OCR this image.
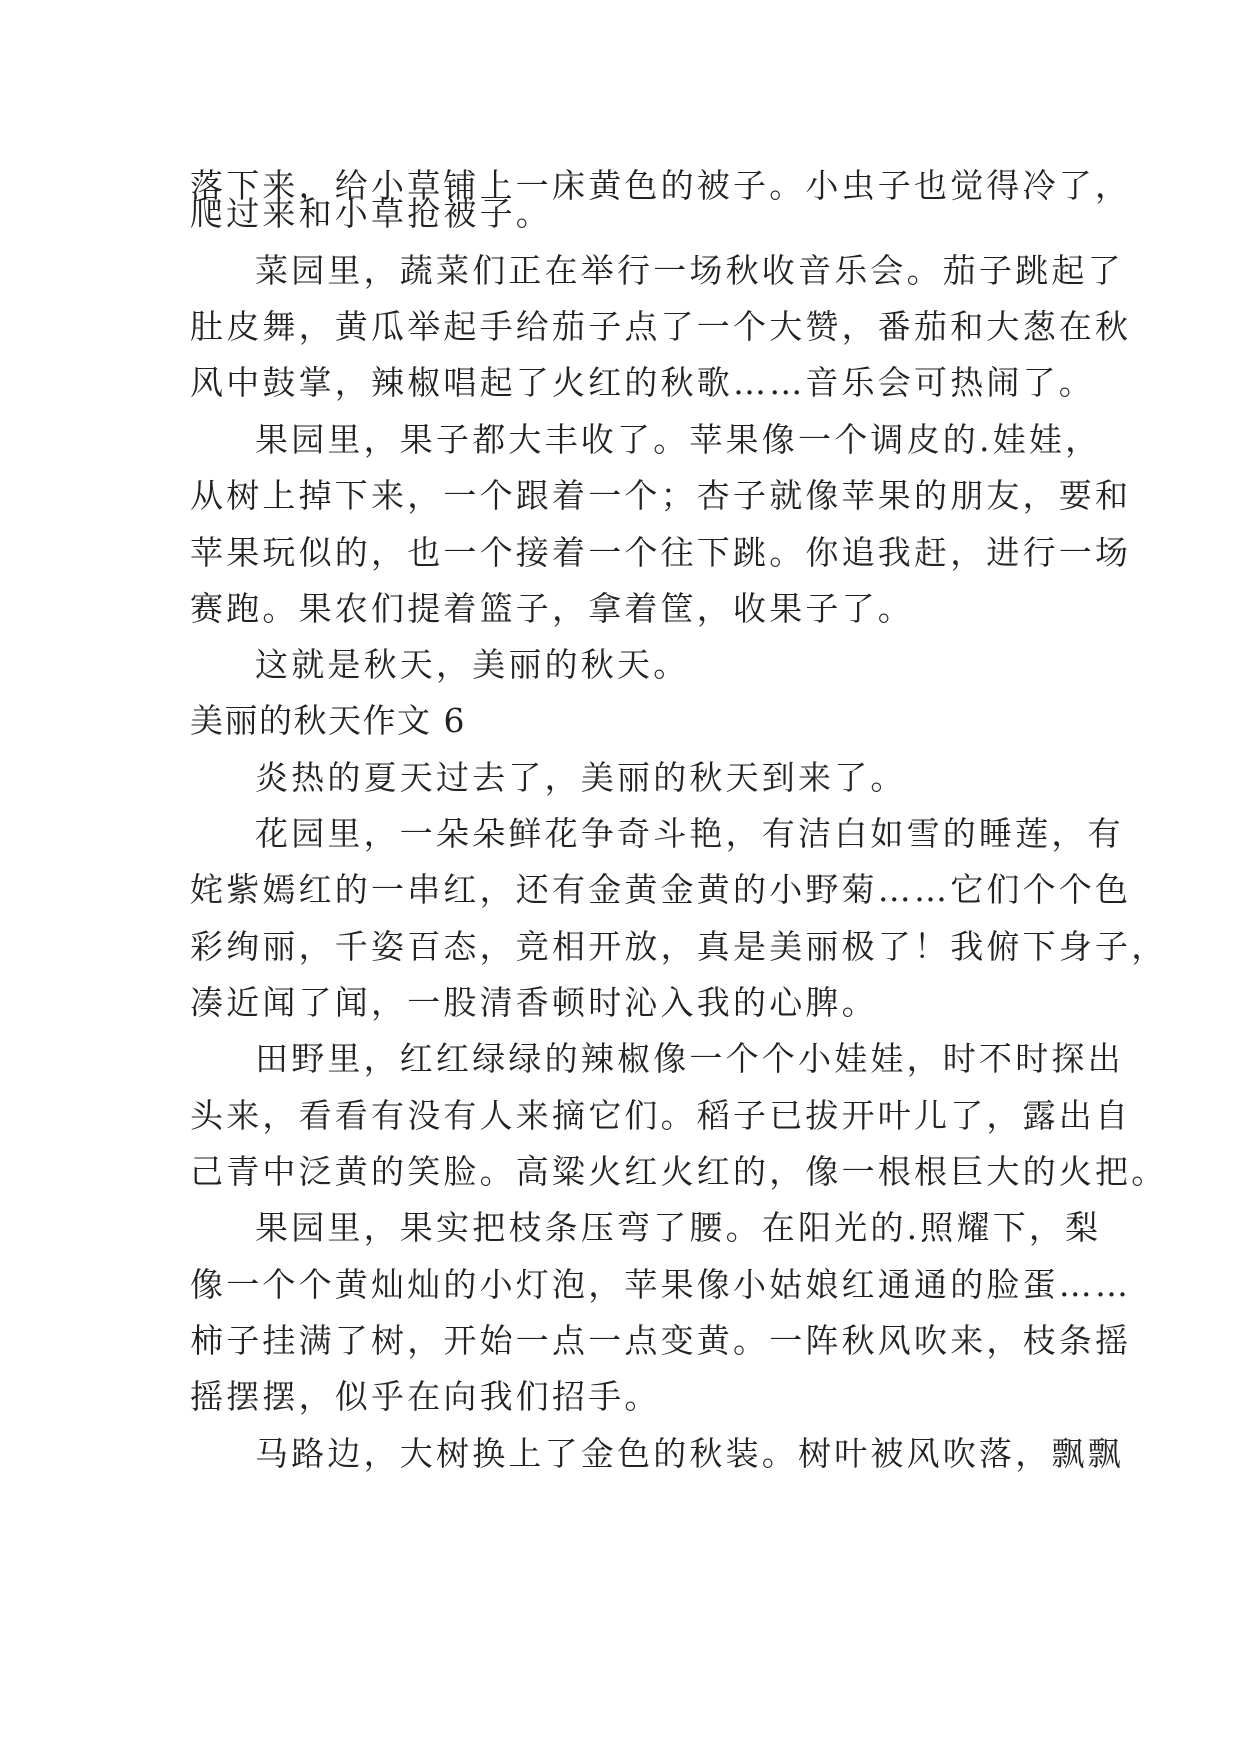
落下来，给小草铺上一床黄色的被子。小虫子也觉得冷了，
爬过来和小草抢被子。
菜园里，蔬菜们正在举行一场秋收音乐会。茄子跳起了
肚皮舞，黄瓜举起手给茄子点了一个大赞，番茄和大葱在秋
风中鼓掌，辣椒唱起了火红的秋歌……音乐会可热闹了。
果园里，果子都大丰收了。苹果像一个调皮的.娃娃，
从树上掉下来，一个跟着一个；杏子就像苹果的朋友，要和
苹果玩似的，也一个接着一个往下跳。你追我赶，进行一场
赛跑。果农们提着篮子，拿着筐，收果子了。
这就是秋天，美丽的秋天。
美丽的秋天作文 6
炎热的夏天过去了，美丽的秋天到来了。
花园里，一朵朵鲜花争奇斗艳，有洁白如雪的睡莲，有
姹紫嫣红的一串红，还有金黄金黄的小野菊……它们个个色
彩绚丽，千姿百态，竞相开放，真是美丽极了！我俯下身子，
凑近闻了闻，一股清香顿时沁入我的心脾。
田野里，红红绿绿的辣椒像一个个小娃娃，时不时探出
头来，看看有没有人来摘它们。稻子已拔开叶儿了，露出自
己青中泛黄的笑脸。高粱火红火红的，像一根根巨大的火把。
果园里，果实把枝条压弯了腰。在阳光的.照耀下，梨
像一个个黄灿灿的小灯泡，苹果像小姑娘红通通的脸蛋……
柿子挂满了树，开始一点一点变黄。一阵秋风吹来，枝条摇
摇摆摆，似乎在向我们招手。
马路边，大树换上了金色的秋装。树叶被风吹落，飘飘
